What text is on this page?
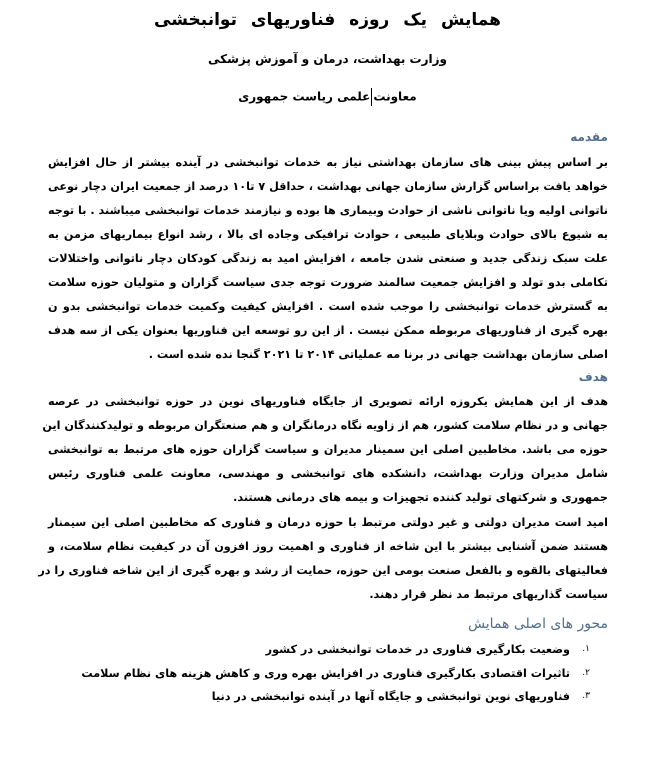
همایش یک روزه فناوریهای توانبخشی
وزارت بهداشت، درمان و آموزش پزشکی
معاونتعلمی ریاست جمهوری
مقدمه
بر اساس پیش بینی های سازمان بهداشتی نیاز به خدمات توانبخشی در آینده بیشتر از حال افزایش
خواهد یافت براساس گزارش سازمان جهانی بهداشت ، حداقل ۷ تا۱۰ درصد از جمعیت ایران دچار نوعی
ناتوانی اولیه ویا ناتوانی ناشی از حوادث وبیماری ها بوده و نیازمند خدمات توانبخشی میباشند . با توجه
به شیوع بالای حوادث وبلایای طبیعی ، حوادث ترافیکی وجاده ای بالا ، رشد انواع بیماریهای مزمن به
علت سبک زندگی جدید و صنعتی شدن جامعه ، افزایش امید به زندگی کودکان دچار ناتوانی واختلالات
تکاملی بدو تولد و افزایش جمعیت سالمند ضرورت توجه جدی سیاست گزاران و متولیان حوزه سلامت
به گسترش خدمات توانبخشی را موجب شده است . افزایش کیفیت وکمیت خدمات توانبخشی بدو ن
بهره گیری از فناوریهای مربوطه ممکن نیست . از این رو توسعه این فناوریها بعنوان یکی از سه هدف
اصلی سازمان بهداشت جهانی در برنا مه عملیاتی ۲۰۱۴ تا ۲۰۲۱ گنجا نده شده است .
هدف
هدف از این همایش یکروزه ارائه تصویری از جایگاه فناوریهای نوین در حوزه توانبخشی در عرصه
جهانی و در نظام سلامت کشور، هم از زاویه نگاه درمانگران و هم صنعتگران مربوطه و تولیدکنندگان این
حوزه می باشد. مخاطبین اصلی این سمینار مدیران و سیاست گزاران حوزه های مرتبط به توانبخشی
شامل مدیران وزارت بهداشت، دانشکده های توانبخشی و مهندسی، معاونت علمی فناوری رئیس
جمهوری و شرکتهای تولید کننده تجهیزات و بیمه های درمانی هستند.
امید است مدیران دولتی و غیر دولتی مرتبط با حوزه درمان و فناوری که مخاطبین اصلی این سیمنار
هستند ضمن آشنایی بیشتر با این شاخه از فناوری و اهمیت روز افزون آن در کیفیت نظام سلامت، و
فعالیتهای بالقوه و بالفعل صنعت بومی این حوزه، حمایت از رشد و بهره گیری از این شاخه فناوری را در
سیاست گذاریهای مرتبط مد نظر قرار دهند.
محور های اصلی همایش
۱.
وضعیت بکارگیری فناوری در خدمات توانبخشی در کشور
۲.
تاثیرات اقتصادی بکارگیری فناوری در افزایش بهره وری و کاهش هزینه های نظام سلامت
۳.
فناوریهای نوین توانبخشی و جایگاه آنها در آینده توانبخشی در دنیا
